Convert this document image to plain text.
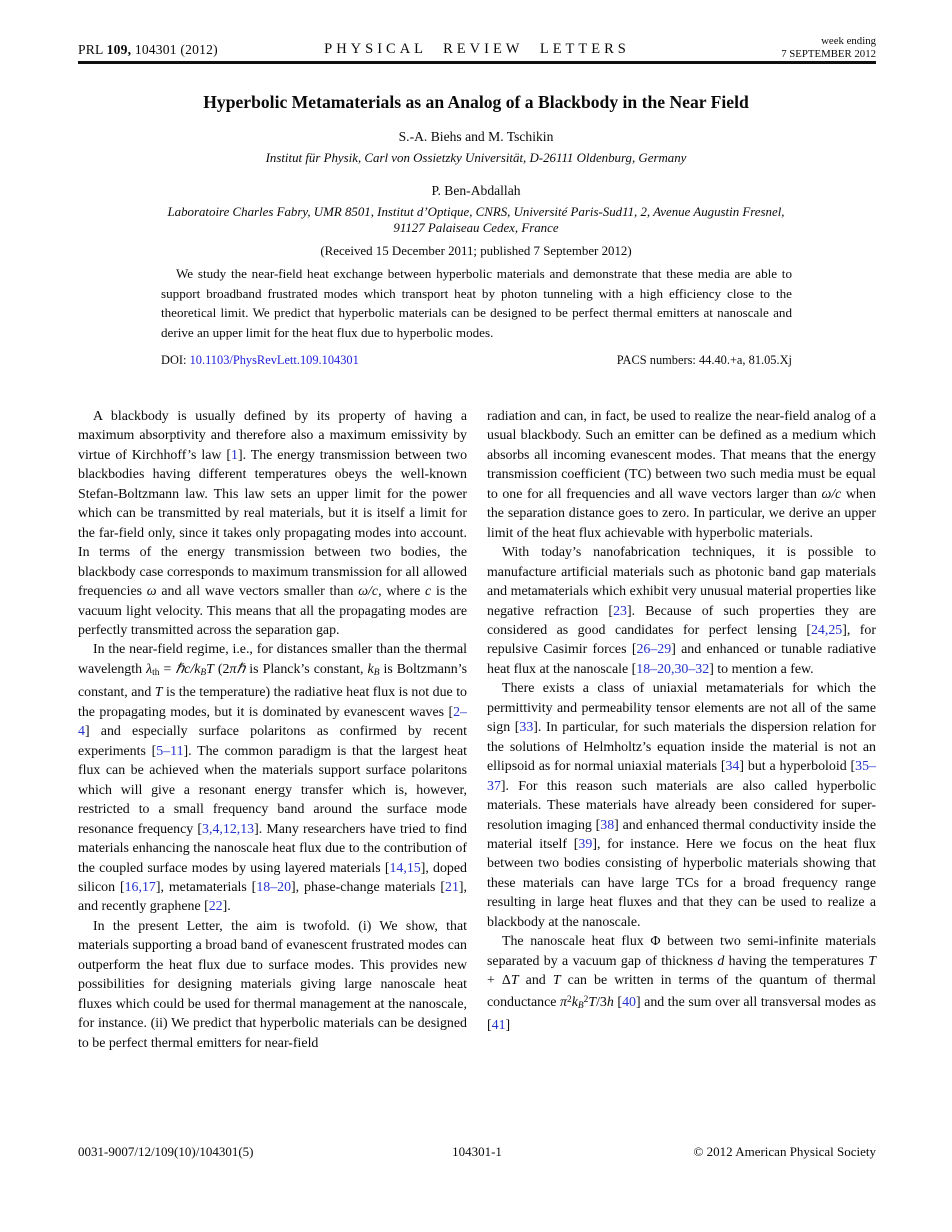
PRL 109, 104301 (2012)	PHYSICAL REVIEW LETTERS	week ending
7 SEPTEMBER 2012
Hyperbolic Metamaterials as an Analog of a Blackbody in the Near Field
S.-A. Biehs and M. Tschikin
Institut für Physik, Carl von Ossietzky Universität, D-26111 Oldenburg, Germany
P. Ben-Abdallah
Laboratoire Charles Fabry, UMR 8501, Institut d’Optique, CNRS, Université Paris-Sud11, 2, Avenue Augustin Fresnel,
91127 Palaiseau Cedex, France
(Received 15 December 2011; published 7 September 2012)
We study the near-field heat exchange between hyperbolic materials and demonstrate that these media are able to support broadband frustrated modes which transport heat by photon tunneling with a high efficiency close to the theoretical limit. We predict that hyperbolic materials can be designed to be perfect thermal emitters at nanoscale and derive an upper limit for the heat flux due to hyperbolic modes.
DOI: 10.1103/PhysRevLett.109.104301	PACS numbers: 44.40.+a, 81.05.Xj

A blackbody is usually defined by its property of having a maximum absorptivity and therefore also a maximum emissivity by virtue of Kirchhoff’s law [1]. The energy transmission between two blackbodies having different temperatures obeys the well-known Stefan-Boltzmann law. This law sets an upper limit for the power which can be transmitted by real materials, but it is itself a limit for the far-field only, since it takes only propagating modes into account. In terms of the energy transmission between two bodies, the blackbody case corresponds to maximum transmission for all allowed frequencies ω and all wave vectors smaller than ω/c, where c is the vacuum light velocity. This means that all the propagating modes are perfectly transmitted across the separation gap.

In the near-field regime, i.e., for distances smaller than the thermal wavelength λth = ℏc/kBT (2πℏ is Planck’s constant, kB is Boltzmann’s constant, and T is the temperature) the radiative heat flux is not due to the propagating modes, but it is dominated by evanescent waves [2–4] and especially surface polaritons as confirmed by recent experiments [5–11]. The common paradigm is that the largest heat flux can be achieved when the materials support surface polaritons which will give a resonant energy transfer which is, however, restricted to a small frequency band around the surface mode resonance frequency [3,4,12,13]. Many researchers have tried to find materials enhancing the nanoscale heat flux due to the contribution of the coupled surface modes by using layered materials [14,15], doped silicon [16,17], metamaterials [18–20], phase-change materials [21], and recently graphene [22].

In the present Letter, the aim is twofold. (i) We show, that materials supporting a broad band of evanescent frustrated modes can outperform the heat flux due to surface modes. This provides new possibilities for designing materials giving large nanoscale heat fluxes which could be used for thermal management at the nanoscale, for instance. (ii) We predict that hyperbolic materials can be designed to be perfect thermal emitters for near-field

radiation and can, in fact, be used to realize the near-field analog of a usual blackbody. Such an emitter can be defined as a medium which absorbs all incoming evanescent modes. That means that the energy transmission coefficient (TC) between two such media must be equal to one for all frequencies and all wave vectors larger than ω/c when the separation distance goes to zero. In particular, we derive an upper limit of the heat flux achievable with hyperbolic materials.

With today’s nanofabrication techniques, it is possible to manufacture artificial materials such as photonic band gap materials and metamaterials which exhibit very unusual material properties like negative refraction [23]. Because of such properties they are considered as good candidates for perfect lensing [24,25], for repulsive Casimir forces [26–29] and enhanced or tunable radiative heat flux at the nanoscale [18–20,30–32] to mention a few.

There exists a class of uniaxial metamaterials for which the permittivity and permeability tensor elements are not all of the same sign [33]. In particular, for such materials the dispersion relation for the solutions of Helmholtz’s equation inside the material is not an ellipsoid as for normal uniaxial materials [34] but a hyperboloid [35–37]. For this reason such materials are also called hyperbolic materials. These materials have already been considered for super-resolution imaging [38] and enhanced thermal conductivity inside the material itself [39], for instance. Here we focus on the heat flux between two bodies consisting of hyperbolic materials showing that these materials can have large TCs for a broad frequency range resulting in large heat fluxes and that they can be used to realize a blackbody at the nanoscale.

The nanoscale heat flux Φ between two semi-infinite materials separated by a vacuum gap of thickness d having the temperatures T + ΔT and T can be written in terms of the quantum of thermal conductance $\pi^2kB^2T/3h$ [40] and the sum over all transversal modes as [41]

0031-9007/12/109(10)/104301(5)	104301-1	© 2012 American Physical Society
